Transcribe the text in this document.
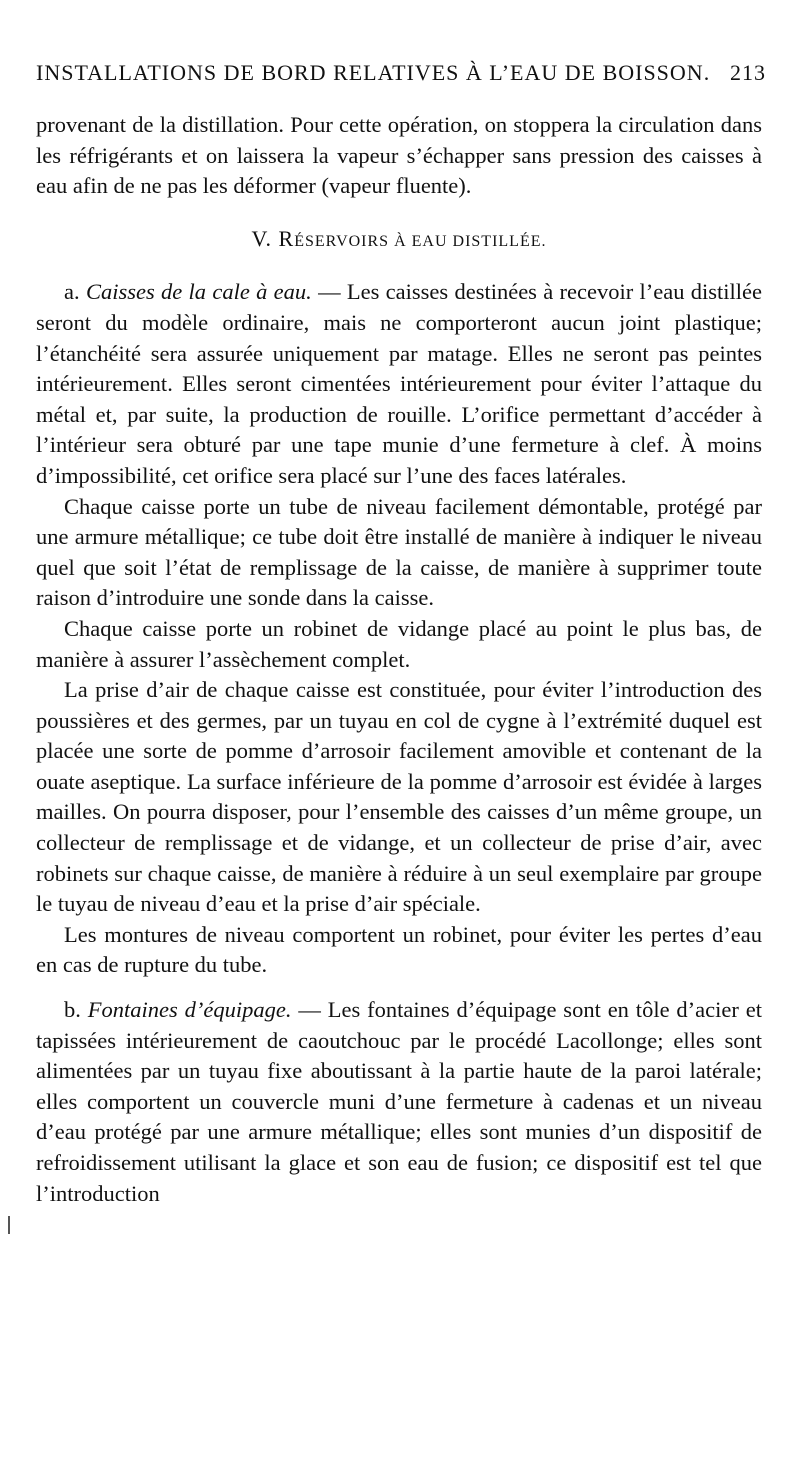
INSTALLATIONS DE BORD RELATIVES À L’EAU DE BOISSON. 213

provenant de la distillation. Pour cette opération, on stoppera la circulation dans les réfrigérants et on laissera la vapeur s’échapper sans pression des caisses à eau afin de ne pas les déformer (vapeur fluente).

V. RÉSERVOIRS À EAU DISTILLÉE.

a. Caisses de la cale à eau. — Les caisses destinées à recevoir l’eau distillée seront du modèle ordinaire, mais ne comporteront aucun joint plastique; l’étanchéité sera assurée uniquement par matage. Elles ne seront pas peintes intérieurement. Elles seront cimentées intérieurement pour éviter l’attaque du métal et, par suite, la production de rouille. L’orifice permettant d’accéder à l’intérieur sera obturé par une tape munie d’une fermeture à clef. À moins d’impossibilité, cet orifice sera placé sur l’une des faces latérales.

Chaque caisse porte un tube de niveau facilement démontable, protégé par une armure métallique; ce tube doit être installé de manière à indiquer le niveau quel que soit l’état de remplissage de la caisse, de manière à supprimer toute raison d’introduire une sonde dans la caisse.

Chaque caisse porte un robinet de vidange placé au point le plus bas, de manière à assurer l’assèchement complet.

La prise d’air de chaque caisse est constituée, pour éviter l’introduction des poussières et des germes, par un tuyau en col de cygne à l’extrémité duquel est placée une sorte de pomme d’arrosoir facilement amovible et contenant de la ouate aseptique. La surface inférieure de la pomme d’arrosoir est évidée à larges mailles. On pourra disposer, pour l’ensemble des caisses d’un même groupe, un collecteur de remplissage et de vidange, et un collecteur de prise d’air, avec robinets sur chaque caisse, de manière à réduire à un seul exemplaire par groupe le tuyau de niveau d’eau et la prise d’air spéciale.

Les montures de niveau comportent un robinet, pour éviter les pertes d’eau en cas de rupture du tube.

b. Fontaines d’équipage. — Les fontaines d’équipage sont en tôle d’acier et tapissées intérieurement de caoutchouc par le procédé Lacollonge; elles sont alimentées par un tuyau fixe aboutissant à la partie haute de la paroi latérale; elles comportent un couvercle muni d’une fermeture à cadenas et un niveau d’eau protégé par une armure métallique; elles sont munies d’un dispositif de refroidissement utilisant la glace et son eau de fusion; ce dispositif est tel que l’introduction
